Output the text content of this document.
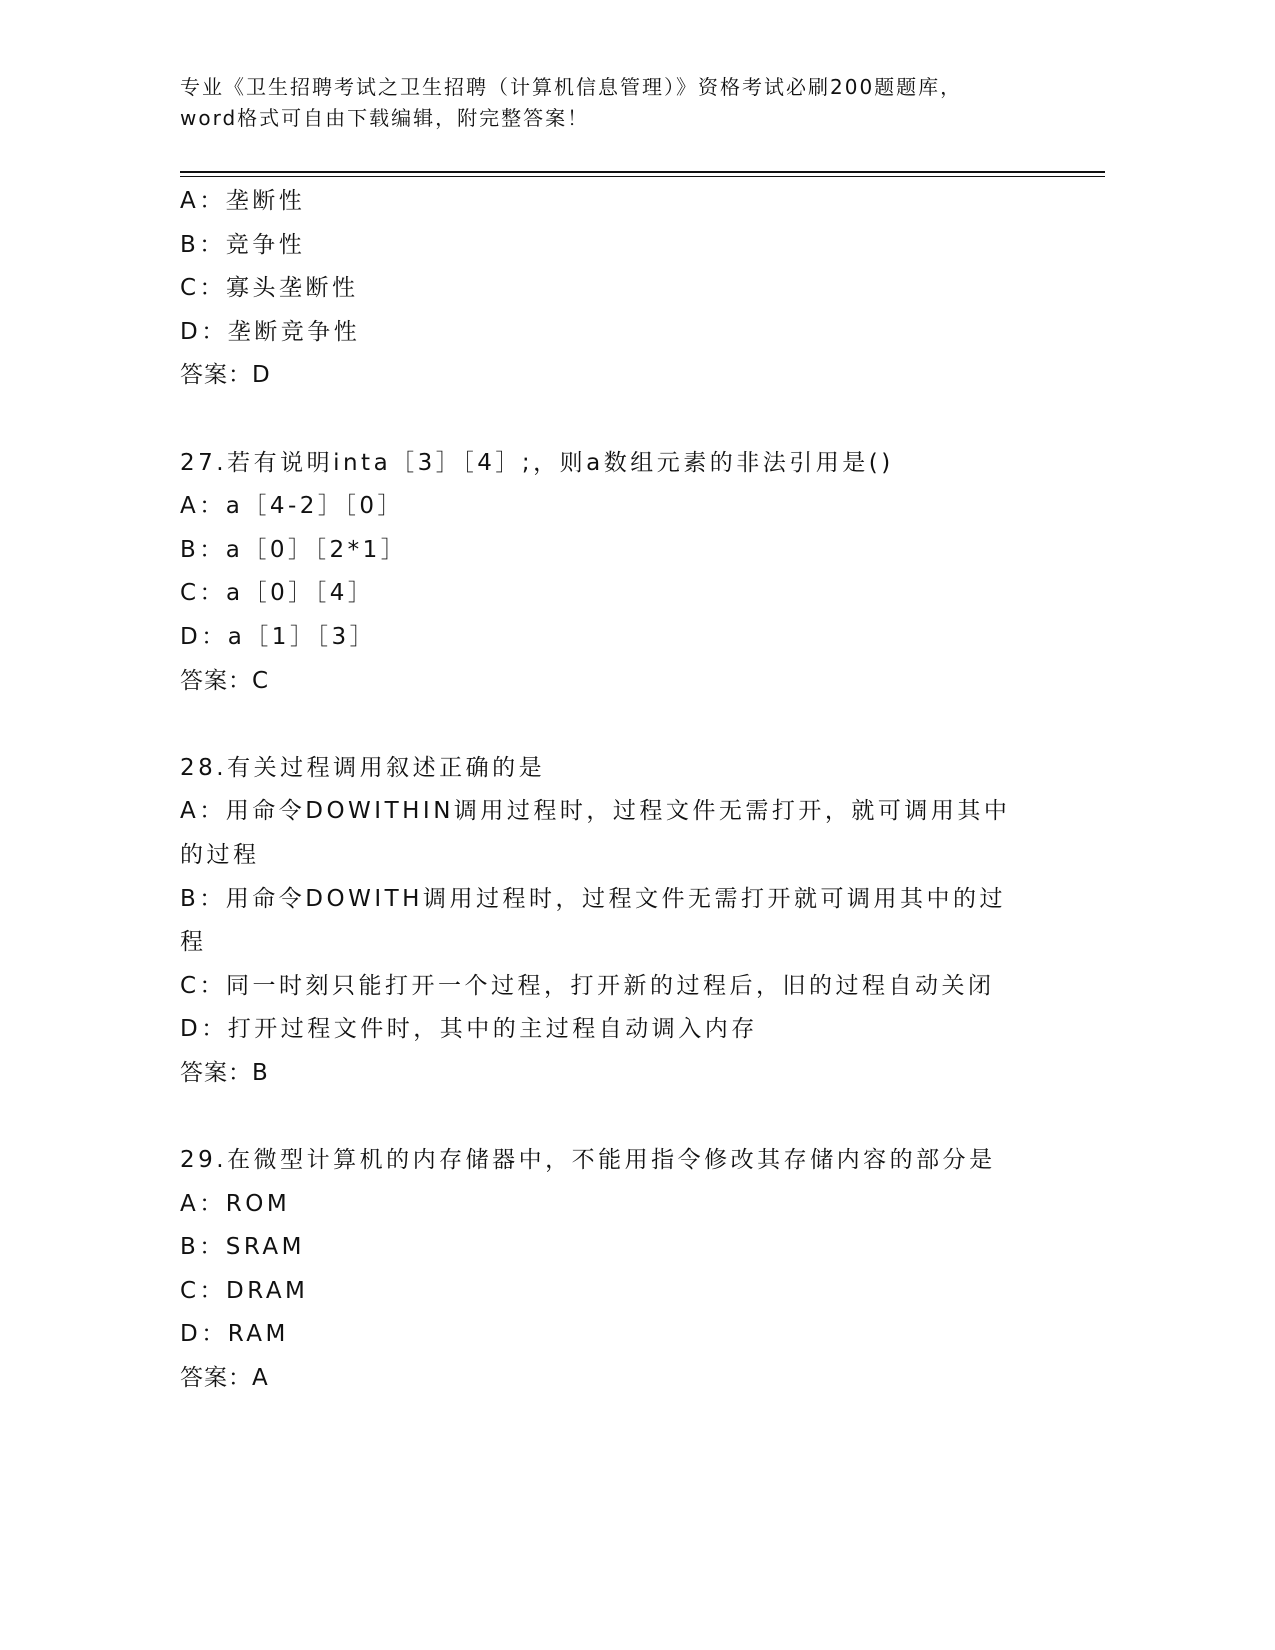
专业《卫生招聘考试之卫生招聘（计算机信息管理）》资格考试必刷200题题库，
word格式可自由下载编辑，附完整答案！

A：垄断性

B：竞争性

C：寡头垄断性

D：垄断竞争性

答案：D

27.若有说明inta［3］［4］;，则a数组元素的非法引用是()

A：a［4-2］［0］

B：a［0］［2*1］

C：a［0］［4］

D：a［1］［3］

答案：C

28.有关过程调用叙述正确的是

A：用命令DOWITHIN调用过程时，过程文件无需打开，就可调用其中的过程

B：用命令DOWITH调用过程时，过程文件无需打开就可调用其中的过程

C：同一时刻只能打开一个过程，打开新的过程后，旧的过程自动关闭

D：打开过程文件时，其中的主过程自动调入内存

答案：B

29.在微型计算机的内存储器中，不能用指令修改其存储内容的部分是

A：ROM

B：SRAM

C：DRAM

D：RAM

答案：A
